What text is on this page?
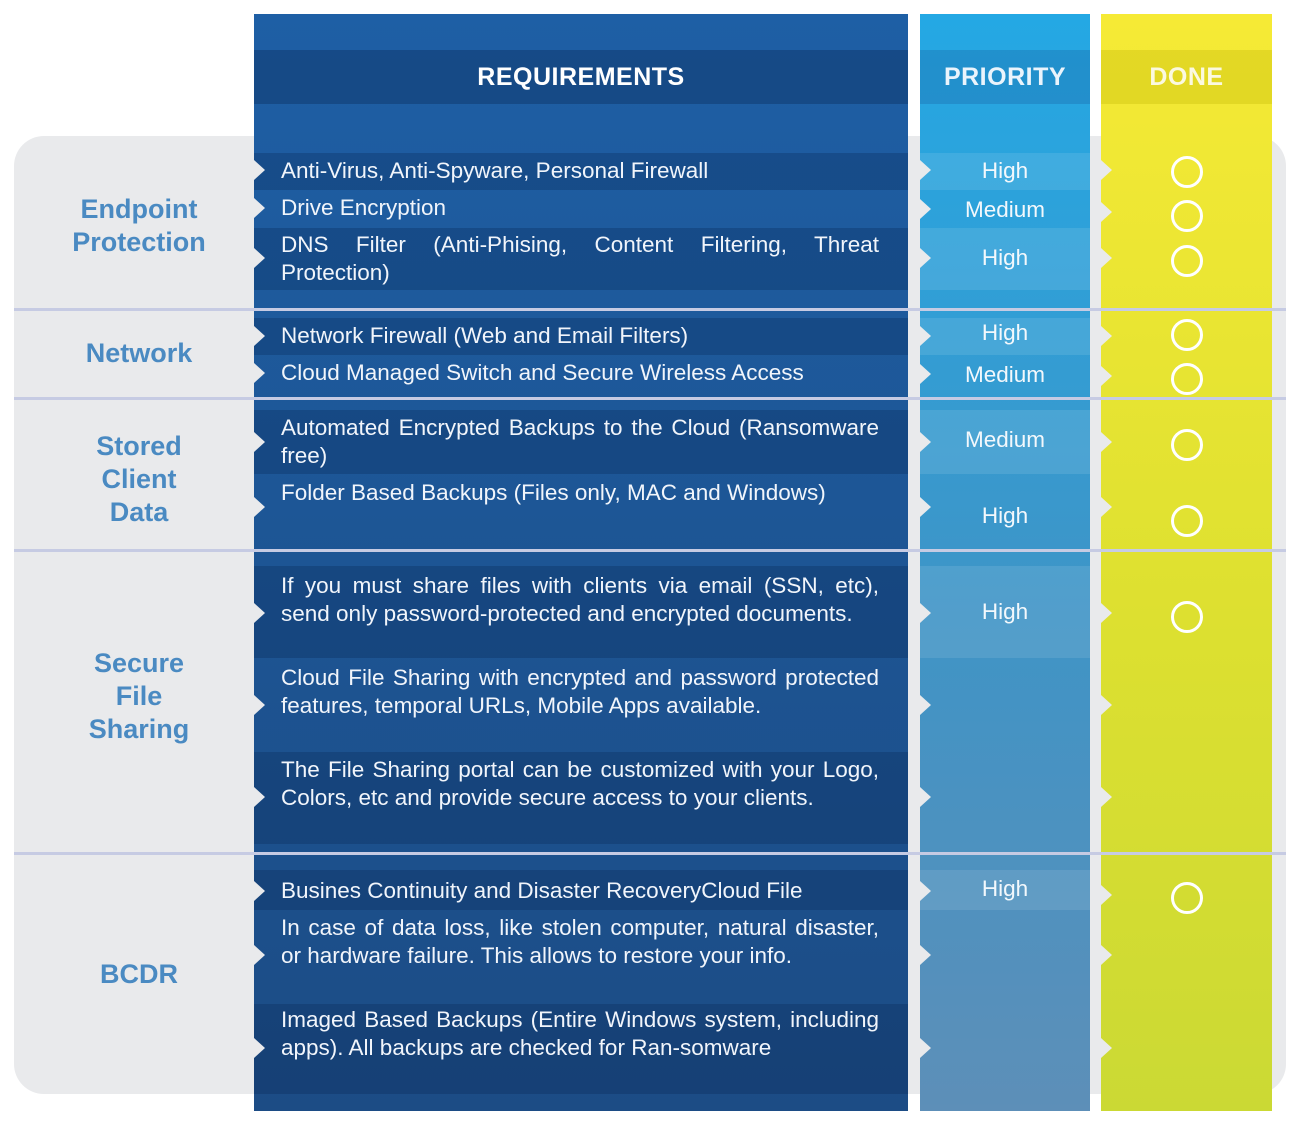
REQUIREMENTS	PRIORITY	DONE
Endpoint
Protection
Network
Stored
Client
Data
Secure
File
Sharing
BCDR
Anti-Virus, Anti-Spyware, Personal Firewall
Drive Encryption
DNS Filter (Anti-Phising, Content Filtering, Threat Protection)
Network Firewall (Web and Email Filters)
Cloud Managed Switch and Secure Wireless Access
Automated Encrypted Backups to the Cloud (Ransomware free)
Folder Based Backups (Files only, MAC and Windows)
If you must share files with clients via email (SSN, etc), send only password-protected and encrypted documents.
Cloud File Sharing with encrypted and password protected features, temporal URLs, Mobile Apps available.
The File Sharing portal can be customized with your Logo, Colors, etc and provide secure access to your clients.
Busines Continuity and Disaster RecoveryCloud File
In case of data loss, like stolen computer, natural disaster, or hardware failure. This allows to restore your info.
Imaged Based Backups (Entire Windows system, including apps). All backups are checked for Ran-somware
High
Medium
High
High
Medium
Medium
High
High
High
